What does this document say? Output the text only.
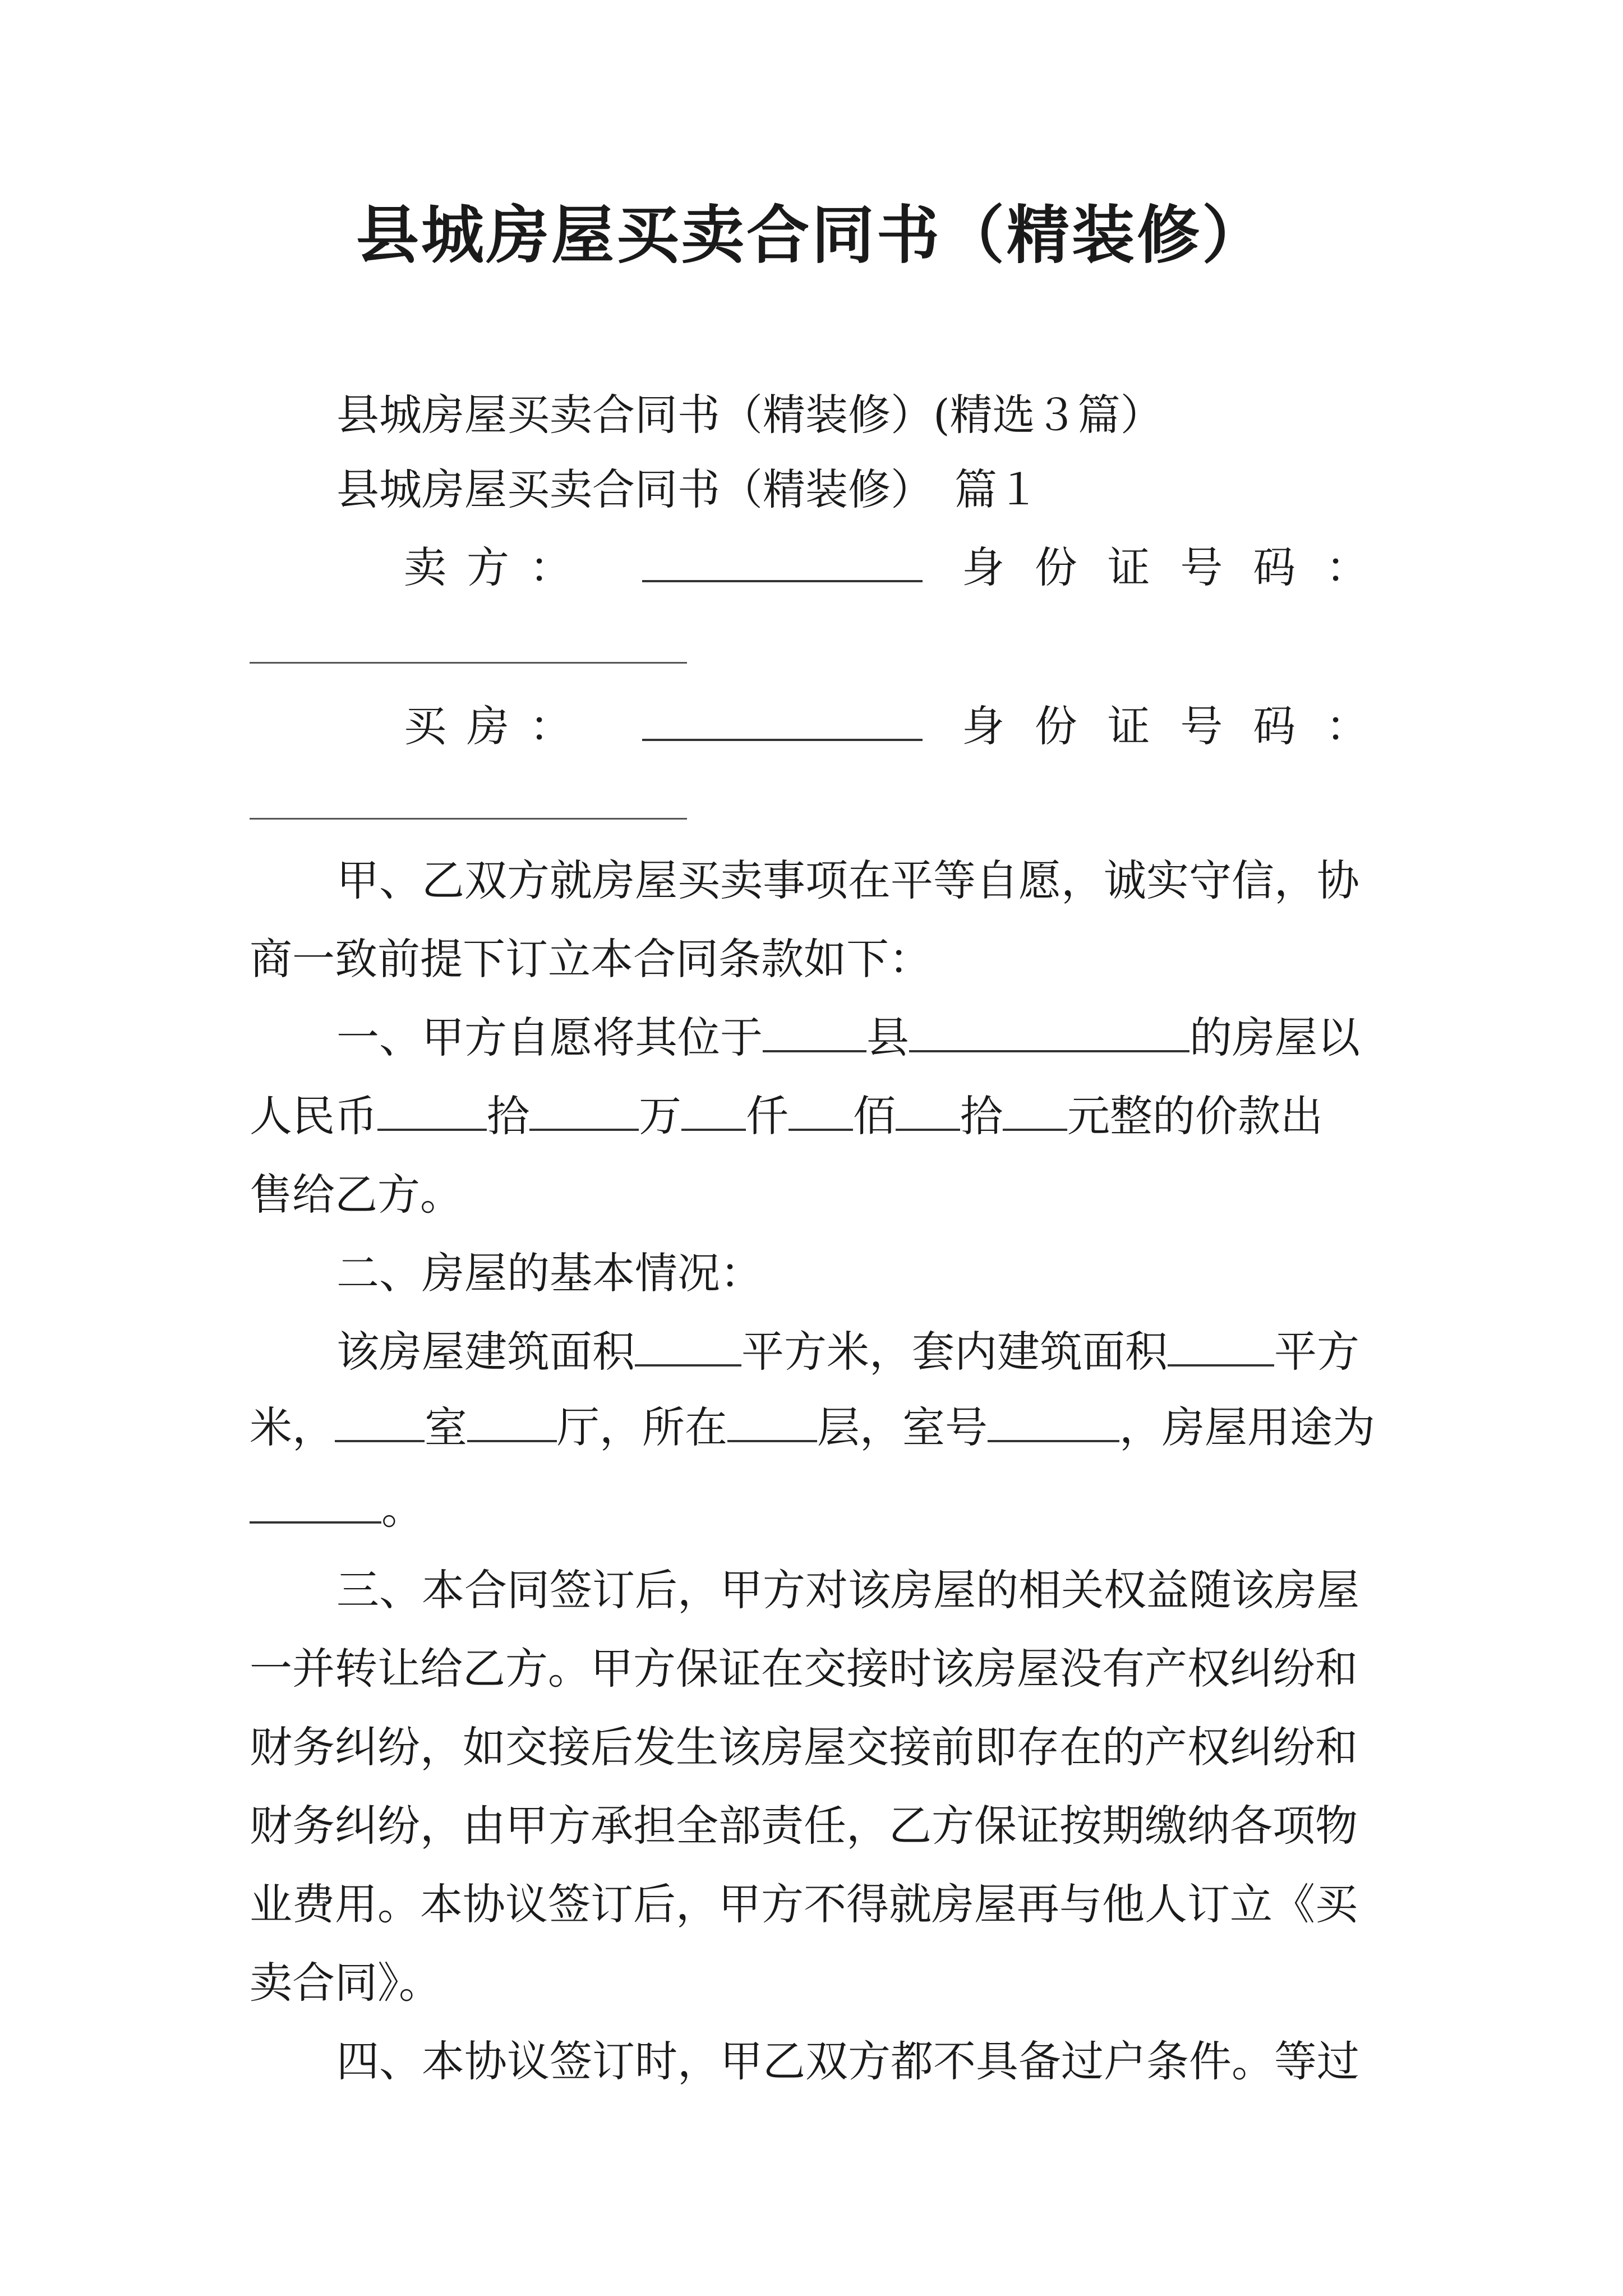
县城房屋买卖合同书（精装修）
县城房屋买卖合同书（精装修）(精选３篇）
县城房屋买卖合同书（精装修）　篇１
卖 方 ：	身 份 证 号 码 ：
买 房 ：	身 份 证 号 码 ：
甲、乙双方就房屋买卖事项在平等自愿，诚实守信，协
商一致前提下订立本合同条款如下：
一、甲方自愿将其位于 县	的房屋以
人民币	拾	万 仟 佰 拾 元整的价款出
售给乙方。
二、房屋的基本情况：
该房屋建筑面积	平方米，套内建筑面积	平方
米， 室 厅，所在 层，室号	，房屋用途为
。
三、本合同签订后，甲方对该房屋的相关权益随该房屋
一并转让给乙方。甲方保证在交接时该房屋没有产权纠纷和
财务纠纷，如交接后发生该房屋交接前即存在的产权纠纷和
财务纠纷，由甲方承担全部责任，乙方保证按期缴纳各项物
业费用。本协议签订后，甲方不得就房屋再与他人订立《买
卖合同》。
四、本协议签订时，甲乙双方都不具备过户条件。等过
